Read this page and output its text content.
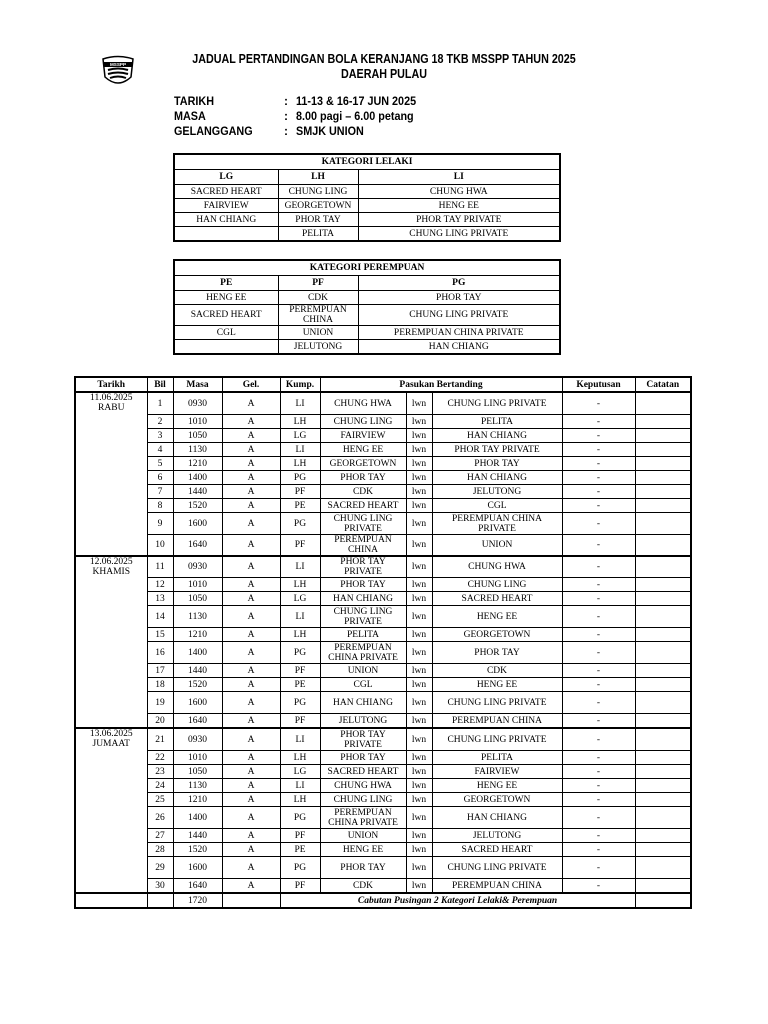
MSSPP	JADUAL PERTANDINGAN BOLA KERANJANG 18 TKB MSSPP TAHUN 2025
DAERAH PULAU
TARIKH	: 11-13 & 16-17 JUN 2025
MASA	: 8.00 pagi – 6.00 petang
GELANGGANG	: SMJK UNION
KATEGORI LELAKI		
LG	LH	LI
SACRED HEART	CHUNG LING	CHUNG HWA
FAIRVIEW	GEORGETOWN	HENG EE
HAN CHIANG	PHOR TAY	PHOR TAY PRIVATE
	PELITA	CHUNG LING PRIVATE
KATEGORI PEREMPUAN		
PE	PF	PG
HENG EE	CDK	PHOR TAY
SACRED HEART	PEREMPUAN CHINA	CHUNG LING PRIVATE
CGL	UNION	PEREMPUAN CHINA PRIVATE
	JELUTONG	HAN CHIANG
Tarikh	Bil	Masa	Gel.	Kump.	Pasukan Bertanding			Keputusan	Catatan

11.06.2025
RABU	1	0930	A	LI	CHUNG HWA	lwn	CHUNG LING PRIVATE	-	
	2	1010	A	LH	CHUNG LING	lwn	PELITA	-	
	3	1050	A	LG	FAIRVIEW	lwn	HAN CHIANG	-	
	4	1130	A	LI	HENG EE	lwn	PHOR TAY PRIVATE	-	
	5	1210	A	LH	GEORGETOWN	lwn	PHOR TAY	-	
	6	1400	A	PG	PHOR TAY	lwn	HAN CHIANG	-	
	7	1440	A	PF	CDK	lwn	JELUTONG	-	
	8	1520	A	PE	SACRED HEART	lwn	CGL	-	
	9	1600	A	PG	CHUNG LING PRIVATE	lwn	PEREMPUAN CHINA PRIVATE	-	
	10	1640	A	PF	PEREMPUAN CHINA	lwn	UNION	-	

12.06.2025
KHAMIS	11	0930	A	LI	PHOR TAY PRIVATE	lwn	CHUNG HWA	-	
	12	1010	A	LH	PHOR TAY	lwn	CHUNG LING	-	
	13	1050	A	LG	HAN CHIANG	lwn	SACRED HEART	-	
	14	1130	A	LI	CHUNG LING PRIVATE	lwn	HENG EE	-	
	15	1210	A	LH	PELITA	lwn	GEORGETOWN	-	
	16	1400	A	PG	PEREMPUAN CHINA PRIVATE	lwn	PHOR TAY	-	
	17	1440	A	PF	UNION	lwn	CDK	-	
	18	1520	A	PE	CGL	lwn	HENG EE	-	
	19	1600	A	PG	HAN CHIANG	lwn	CHUNG LING PRIVATE	-	
	20	1640	A	PF	JELUTONG	lwn	PEREMPUAN CHINA	-	

13.06.2025
JUMAAT	21	0930	A	LI	PHOR TAY PRIVATE	lwn	CHUNG LING PRIVATE	-	
	22	1010	A	LH	PHOR TAY	lwn	PELITA	-	
	23	1050	A	LG	SACRED HEART	lwn	FAIRVIEW	-	
	24	1130	A	LI	CHUNG HWA	lwn	HENG EE	-	
	25	1210	A	LH	CHUNG LING	lwn	GEORGETOWN	-	
	26	1400	A	PG	PEREMPUAN CHINA PRIVATE	lwn	HAN CHIANG	-	
	27	1440	A	PF	UNION	lwn	JELUTONG	-	
	28	1520	A	PE	HENG EE	lwn	SACRED HEART	-	
	29	1600	A	PG	PHOR TAY	lwn	CHUNG LING PRIVATE	-	
	30	1640	A	PF	CDK	lwn	PEREMPUAN CHINA	-	
		1720		Cabutan Pusingan 2 Kategori Lelaki& Perempuan					
